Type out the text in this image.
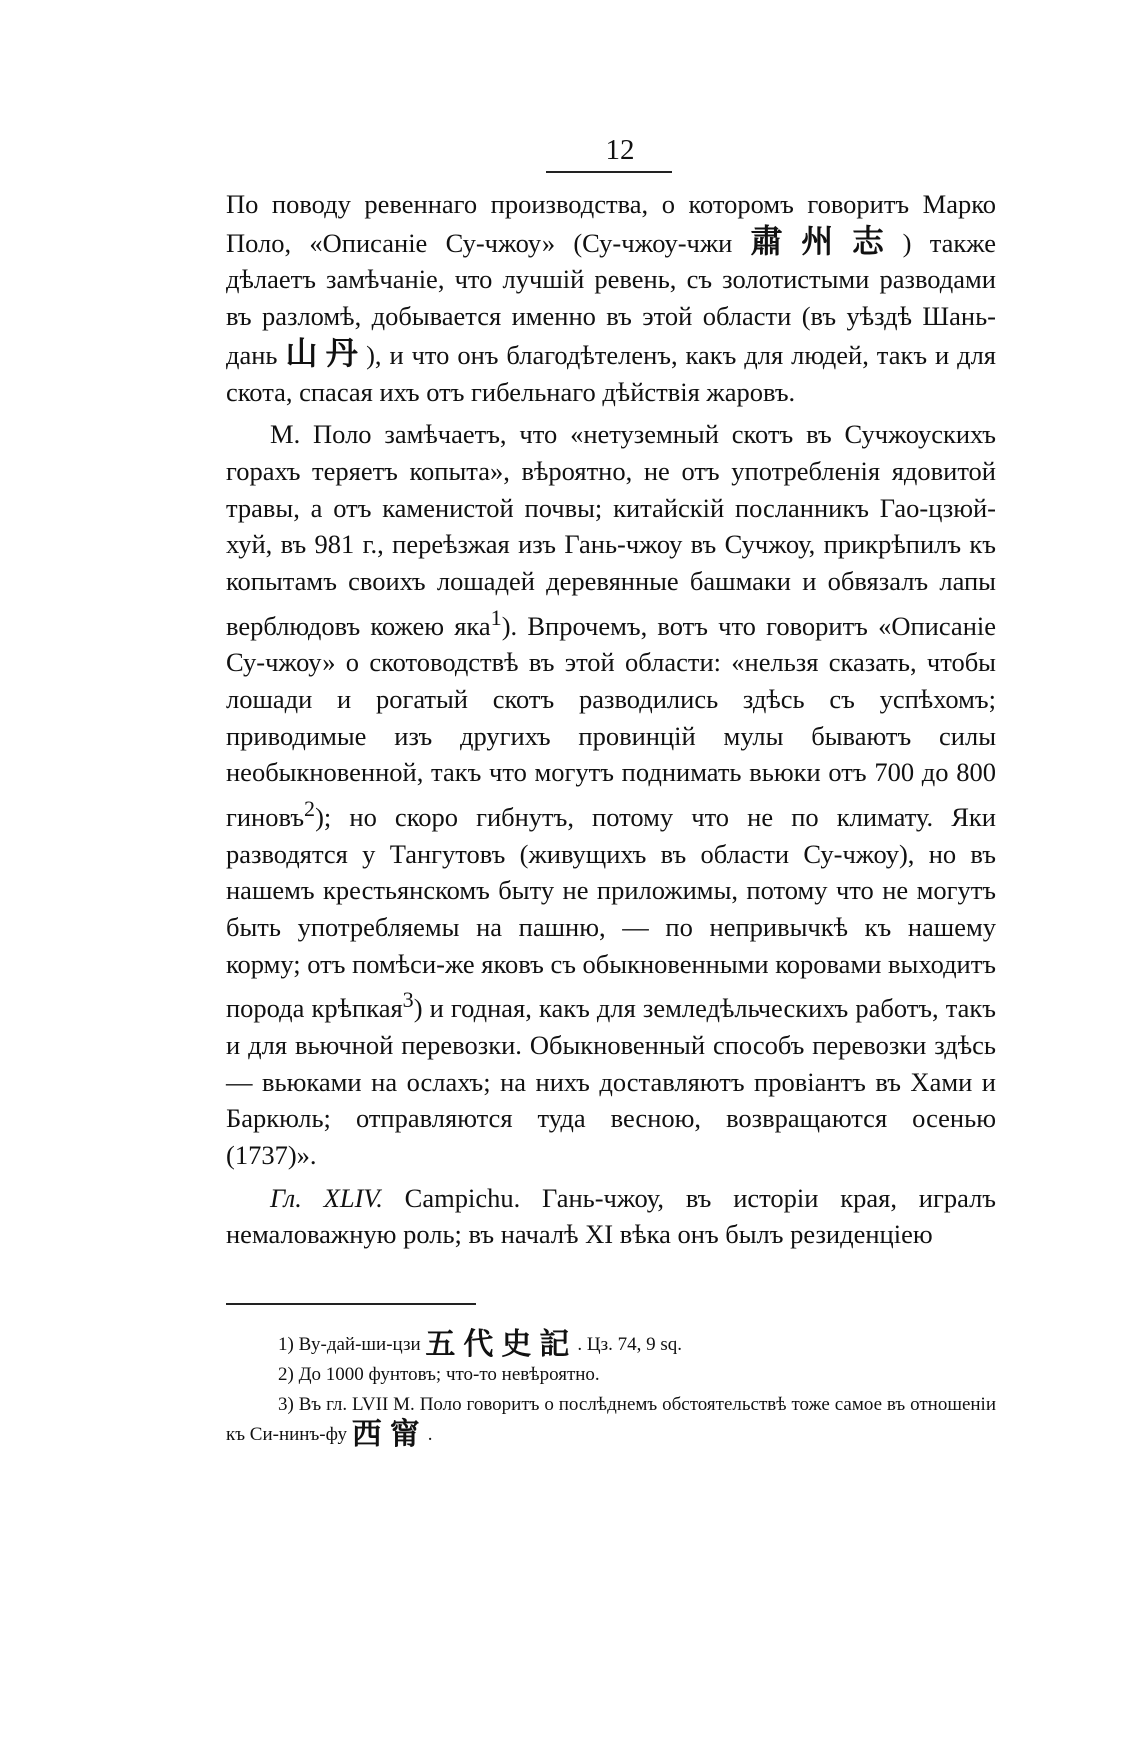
12

По поводу ревеннаго производства, о которомъ говоритъ Марко Поло, «Описаніе Су-чжоу» (Су-чжоу-чжи 肅州志) также дѣлаетъ замѣчаніе, что лучшій ревень, съ золотистыми разводами въ разломѣ, добывается именно въ этой области (въ уѣздѣ Шань-дань 山丹), и что онъ благодѣтеленъ, какъ для людей, такъ и для скота, спасая ихъ отъ гибельнаго дѣйствія жаровъ.

М. Поло замѣчаетъ, что «нетуземный скотъ въ Сучжоускихъ горахъ теряетъ копыта», вѣроятно, не отъ употребленія ядовитой травы, а отъ каменистой почвы; китайскій посланникъ Гао-цзюй-хуй, въ 981 г., переѣзжая изъ Гань-чжоу въ Сучжоу, прикрѣпилъ къ копытамъ своихъ лошадей деревянные башмаки и обвязалъ лапы верблюдовъ кожею яка$^1$). Впрочемъ, вотъ что говоритъ «Описаніе Су-чжоу» о скотоводствѣ въ этой области: «нельзя сказать, чтобы лошади и рогатый скотъ разводились здѣсь съ успѣхомъ; приводимые изъ другихъ провинцій мулы бываютъ силы необыкновенной, такъ что могутъ поднимать вьюки отъ 700 до 800 гиновъ$^2$); но скоро гибнутъ, потому что не по климату. Яки разводятся у Тангутовъ (живущихъ въ области Су-чжоу), но въ нашемъ крестьянскомъ быту не приложимы, потому что не могутъ быть употребляемы на пашню, — по непривычкѣ къ нашему корму; отъ помѣси-же яковъ съ обыкновенными коровами выходитъ порода крѣпкая$^3$) и годная, какъ для земледѣльческихъ работъ, такъ и для вьючной перевозки. Обыкновенный способъ перевозки здѣсь — вьюками на ослахъ; на нихъ доставляютъ провіантъ въ Хами и Баркюль; отправляются туда весною, возвращаются осенью (1737)».

Гл. XLIV. Campichu. Гань-чжоу, въ исторіи края, игралъ немаловажную роль; въ началѣ XI вѣка онъ былъ резиденціею

1) Ву-дай-ши-цзи 五代史記. Цз. 74, 9 sq.

2) До 1000 фунтовъ; что-то невѣроятно.

3) Въ гл. LVII М. Поло говоритъ о послѣднемъ обстоятельствѣ тоже самое въ отношеніи къ Си-нинъ-фу 西甯.
